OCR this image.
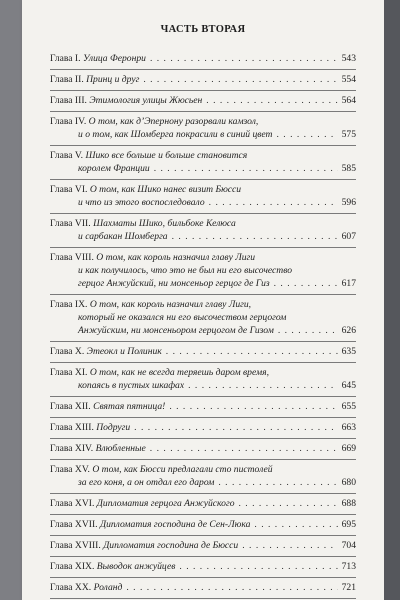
ЧАСТЬ ВТОРАЯ
Глава I. Улица Феронри . . .	543
Глава II. Принц и друг . . .	554
Глава III. Этимология улицы Жюсьен . . .	564
Глава IV. О том, как д’Эпернону разорвали камзол,
и о том, как Шомберга покрасили в синий цвет . . .	575
Глава V. Шико все больше и больше становится
королем Франции . . .	585
Глава VI. О том, как Шико нанес визит Бюсси
и что из этого воспоследовало . . .	596
Глава VII. Шахматы Шико, бильбоке Келюса
и сарбакан Шомберга . . .	607
Глава VIII. О том, как король назначил главу Лиги
и как получилось, что это не был ни его высочество
герцог Анжуйский, ни монсеньор герцог де Гиз . . .	617
Глава IX. О том, как король назначил главу Лиги,
который не оказался ни его высочеством герцогом
Анжуйским, ни монсеньором герцогом де Гизом . . .	626
Глава X. Этеокл и Полиник . . .	635
Глава XI. О том, как не всегда теряешь даром время,
копаясь в пустых шкафах . . .	645
Глава XII. Святая пятница! . . .	655
Глава XIII. Подруги . . .	663
Глава XIV. Влюбленные . . .	669
Глава XV. О том, как Бюсси предлагали сто пистолей
за его коня, а он отдал его даром . . .	680
Глава XVI. Дипломатия герцога Анжуйского . . .	688
Глава XVII. Дипломатия господина де Сен-Люка . . .	695
Глава XVIII. Дипломатия господина де Бюсси . . .	704
Глава XIX. Выводок анжуйцев . . .	713
Глава XX. Роланд . . .	721
